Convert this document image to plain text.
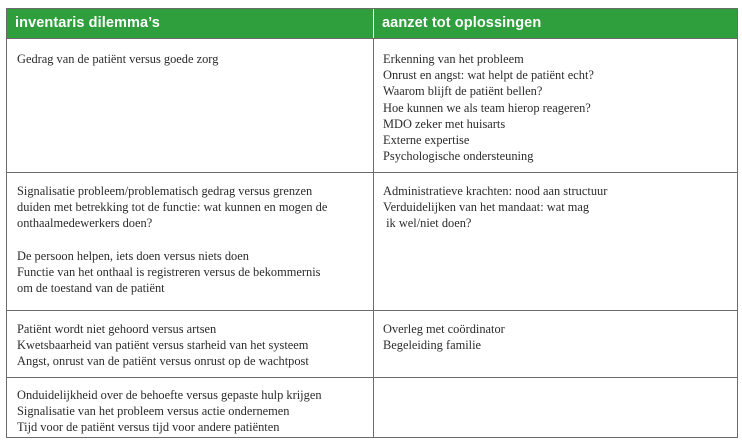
inventaris dilemma’s	aanzet tot oplossingen
Gedrag van de patiënt versus goede zorg	Erkenning van het probleem
Onrust en angst: wat helpt de patiënt echt?
Waarom blijft de patiënt bellen?
Hoe kunnen we als team hierop reageren?
MDO zeker met huisarts
Externe expertise
Psychologische ondersteuning
Signalisatie probleem/problematisch gedrag versus grenzen
duiden met betrekking tot de functie: wat kunnen en mogen de
onthaalmedewerkers doen?
De persoon helpen, iets doen versus niets doen
Functie van het onthaal is registreren versus de bekommernis
om de toestand van de patiënt
Administratieve krachten: nood aan structuur
Verduidelijken van het mandaat: wat mag
ik wel/niet doen?
Patiënt wordt niet gehoord versus artsen
Kwetsbaarheid van patiënt versus starheid van het systeem
Angst, onrust van de patiënt versus onrust op de wachtpost
Overleg met coördinator
Begeleiding familie
Onduidelijkheid over de behoefte versus gepaste hulp krijgen
Signalisatie van het probleem versus actie ondernemen
Tijd voor de patiënt versus tijd voor andere patiënten
